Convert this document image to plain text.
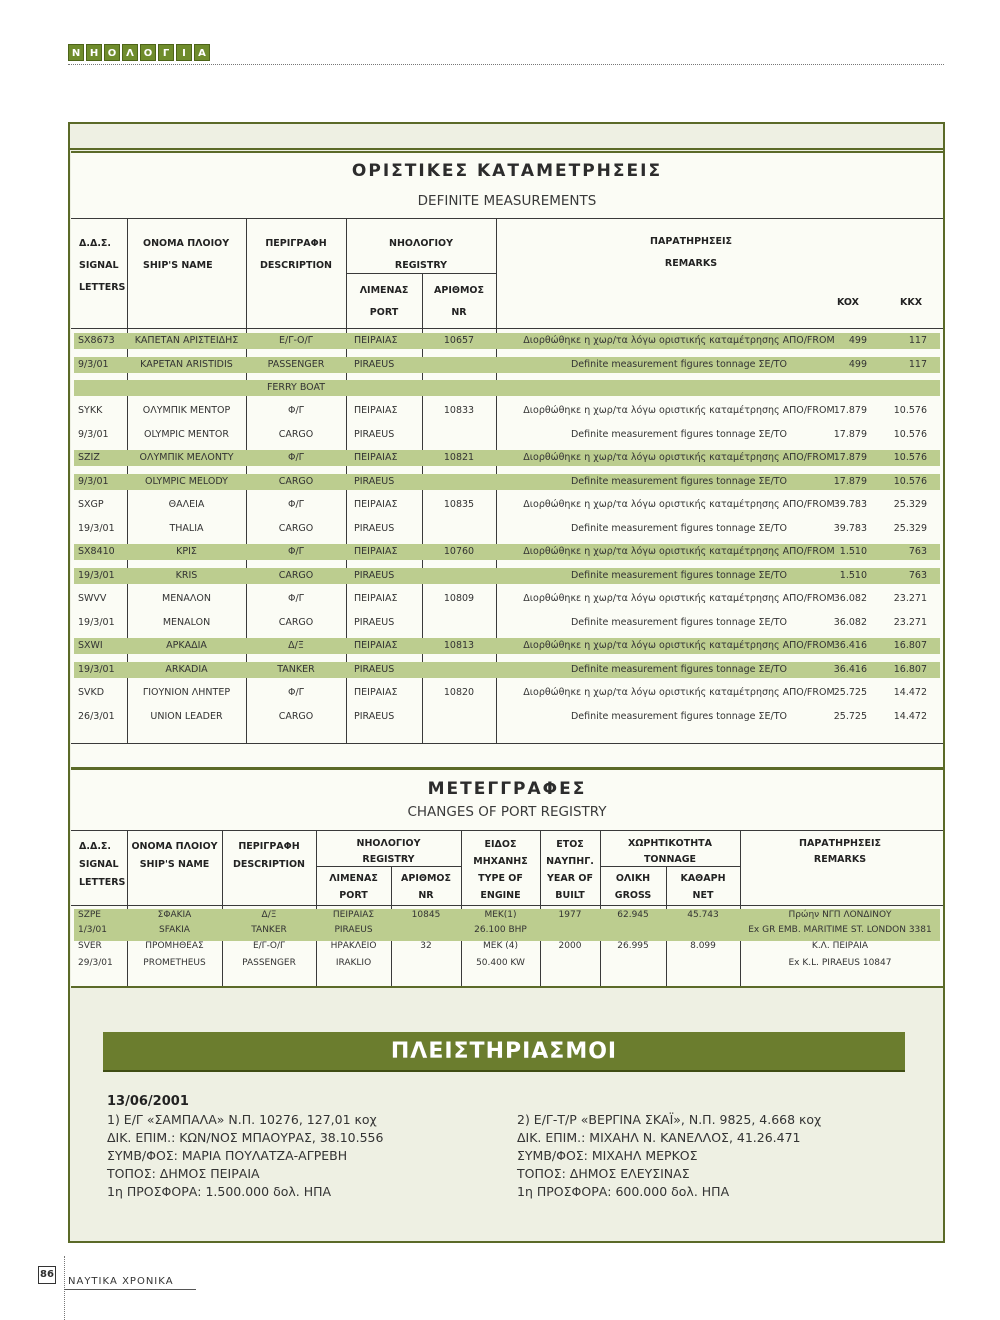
Ν Η Ο Λ Ο	Γ	Ι	Α
ΟΡΙΣΤΙΚΕΣ ΚΑΤΑΜΕΤΡΗΣΕΙΣ
DEFINITE MEASUREMENTS
Δ.Δ.Σ.
SIGNAL
LETTERS
ΟΝΟΜΑ ΠΛΟΙΟΥ
SHIP'S NAME
ΠΕΡΙΓΡΑΦΗ
DESCRIPTION
ΝΗΟΛΟΓΙΟΥ
REGISTRY
ΛΙΜΕΝΑΣ
PORT
ΑΡΙΘΜΟΣ
NR
ΠΑΡΑΤΗΡΗΣΕΙΣ
REMARKS
KOX	KKX
SX8673	ΚΑΠΕΤΑΝ ΑΡΙΣΤΕΙΔΗΣ	Ε/Γ-Ο/Γ	ΠΕΙΡΑΙΑΣ	10657	Διορθώθηκε η χωρ/τα λόγω οριστικής καταμέτρησης ΑΠΟ/FROM	499	117
9/3/01	KAPETAN ARISTIDIS	PASSENGER	PIRAEUS	Definite measurement figures tonnage ΣΕ/TO	499	117
FERRY BOAT
SYKK	ΟΛΥΜΠΙΚ ΜΕΝΤΟΡ	Φ/Γ	ΠΕΙΡΑΙΑΣ	10833	Διορθώθηκε η χωρ/τα λόγω οριστικής καταμέτρησης ΑΠΟ/FROM 17.879	10.576
9/3/01	OLYMPIC MENTOR	CARGO	PIRAEUS	Definite measurement figures tonnage ΣΕ/TO	17.879	10.576
SZIZ	ΟΛΥΜΠΙΚ ΜΕΛΟΝΤΥ	Φ/Γ	ΠΕΙΡΑΙΑΣ	10821	Διορθώθηκε η χωρ/τα λόγω οριστικής καταμέτρησης ΑΠΟ/FROM 17.879	10.576
9/3/01	OLYMPIC MELODY	CARGO	PIRAEUS	Definite measurement figures tonnage ΣΕ/TO	17.879	10.576
SXGP	ΘΑΛΕΙΑ	Φ/Γ	ΠΕΙΡΑΙΑΣ	10835	Διορθώθηκε η χωρ/τα λόγω οριστικής καταμέτρησης ΑΠΟ/FROM 39.783	25.329
19/3/01	THALIA	CARGO	PIRAEUS	Definite measurement figures tonnage ΣΕ/TO	39.783	25.329
SX8410	ΚΡΙΣ	Φ/Γ	ΠΕΙΡΑΙΑΣ	10760	Διορθώθηκε η χωρ/τα λόγω οριστικής καταμέτρησης ΑΠΟ/FROM 1.510	763
19/3/01	KRIS	CARGO	PIRAEUS	Definite measurement figures tonnage ΣΕ/TO	1.510	763
SWVV	ΜΕΝΑΛΟΝ	Φ/Γ	ΠΕΙΡΑΙΑΣ	10809	Διορθώθηκε η χωρ/τα λόγω οριστικής καταμέτρησης ΑΠΟ/FROM 36.082	23.271
19/3/01	MENALON	CARGO	PIRAEUS	Definite measurement figures tonnage ΣΕ/TO	36.082	23.271
SXWI	ΑΡΚΑΔΙΑ	Δ/Ξ	ΠΕΙΡΑΙΑΣ	10813	Διορθώθηκε η χωρ/τα λόγω οριστικής καταμέτρησης ΑΠΟ/FROM 36.416	16.807
19/3/01	ARKADIA	TANKER	PIRAEUS	Definite measurement figures tonnage ΣΕ/TO	36.416	16.807
SVKD	ΓΙΟΥΝΙΟΝ ΛΗΝΤΕΡ	Φ/Γ	ΠΕΙΡΑΙΑΣ	10820	Διορθώθηκε η χωρ/τα λόγω οριστικής καταμέτρησης ΑΠΟ/FROM 25.725	14.472
26/3/01	UNION LEADER	CARGO	PIRAEUS	Definite measurement figures tonnage ΣΕ/TO	25.725	14.472
ΜΕΤΕΓΓΡΑΦΕΣ
CHANGES OF PORT REGISTRY
Δ.Δ.Σ.
SIGNAL
LETTERS
ΟΝΟΜΑ ΠΛΟΙΟΥ
SHIP'S NAME
ΠΕΡΙΓΡΑΦΗ
DESCRIPTION
ΝΗΟΛΟΓΙΟΥ
REGISTRY
ΛΙΜΕΝΑΣ
PORT
ΑΡΙΘΜΟΣ
NR
ΕΙΔΟΣ
ΜΗΧΑΝΗΣ
TYPE OF
ENGINE
ΕΤΟΣ
ΝΑΥΠΗΓ.
YEAR OF
BUILT
ΧΩΡΗΤΙΚΟΤΗΤΑ
TONNAGE
ΟΛΙΚΗ
GROSS
ΚΑΘΑΡΗ
NET
ΠΑΡΑΤΗΡΗΣΕΙΣ
REMARKS
SZPE	ΣΦΑΚΙΑ	Δ/Ξ	ΠΕΙΡΑΙΑΣ	10845	ΜΕΚ(1)	1977	62.945	45.743	Πρώην ΝΓΠ ΛΟΝΔΙΝΟΥ
1/3/01	SFAKIA	TANKER	PIRAEUS	26.100 BHP	Ex GR EMB. MARITIME ST. LONDON 3381
SVER	ΠΡΟΜΗΘΕΑΣ	Ε/Γ-Ο/Γ	ΗΡΑΚΛΕΙΟ	32	ΜΕΚ (4)	2000	26.995	8.099	Κ.Λ. ΠΕΙΡΑΙΑ
29/3/01	PROMETHEUS	PASSENGER	IRAKLIO	50.400 KW	Ex K.L. PIRAEUS 10847
ΠΛΕΙΣΤΗΡΙΑΣΜΟΙ
13/06/2001
1) Ε/Γ «ΣΑΜΠΑΛΑ» Ν.Π. 10276, 127,01 κοχ
ΔΙΚ. ΕΠΙΜ.: ΚΩΝ/ΝΟΣ ΜΠΑΟΥΡΑΣ, 38.10.556
ΣΥΜΒ/ΦΟΣ: ΜΑΡΙΑ ΠΟΥΛΑΤΖΑ-ΑΓΡΕΒΗ
ΤΟΠΟΣ: ΔΗΜΟΣ ΠΕΙΡΑΙΑ
1η ΠΡΟΣΦΟΡΑ: 1.500.000 δολ. ΗΠΑ
2) Ε/Γ-Τ/Ρ «ΒΕΡΓΙΝΑ ΣΚΑΪ», Ν.Π. 9825, 4.668 κοχ
ΔΙΚ. ΕΠΙΜ.: ΜΙΧΑΗΛ Ν. ΚΑΝΕΛΛΟΣ, 41.26.471
ΣΥΜΒ/ΦΟΣ: ΜΙΧΑΗΛ ΜΕΡΚΟΣ
ΤΟΠΟΣ: ΔΗΜΟΣ ΕΛΕΥΣΙΝΑΣ
1η ΠΡΟΣΦΟΡΑ: 600.000 δολ. ΗΠΑ
86
ΝΑΥΤΙΚΑ ΧΡΟΝΙΚΑ
